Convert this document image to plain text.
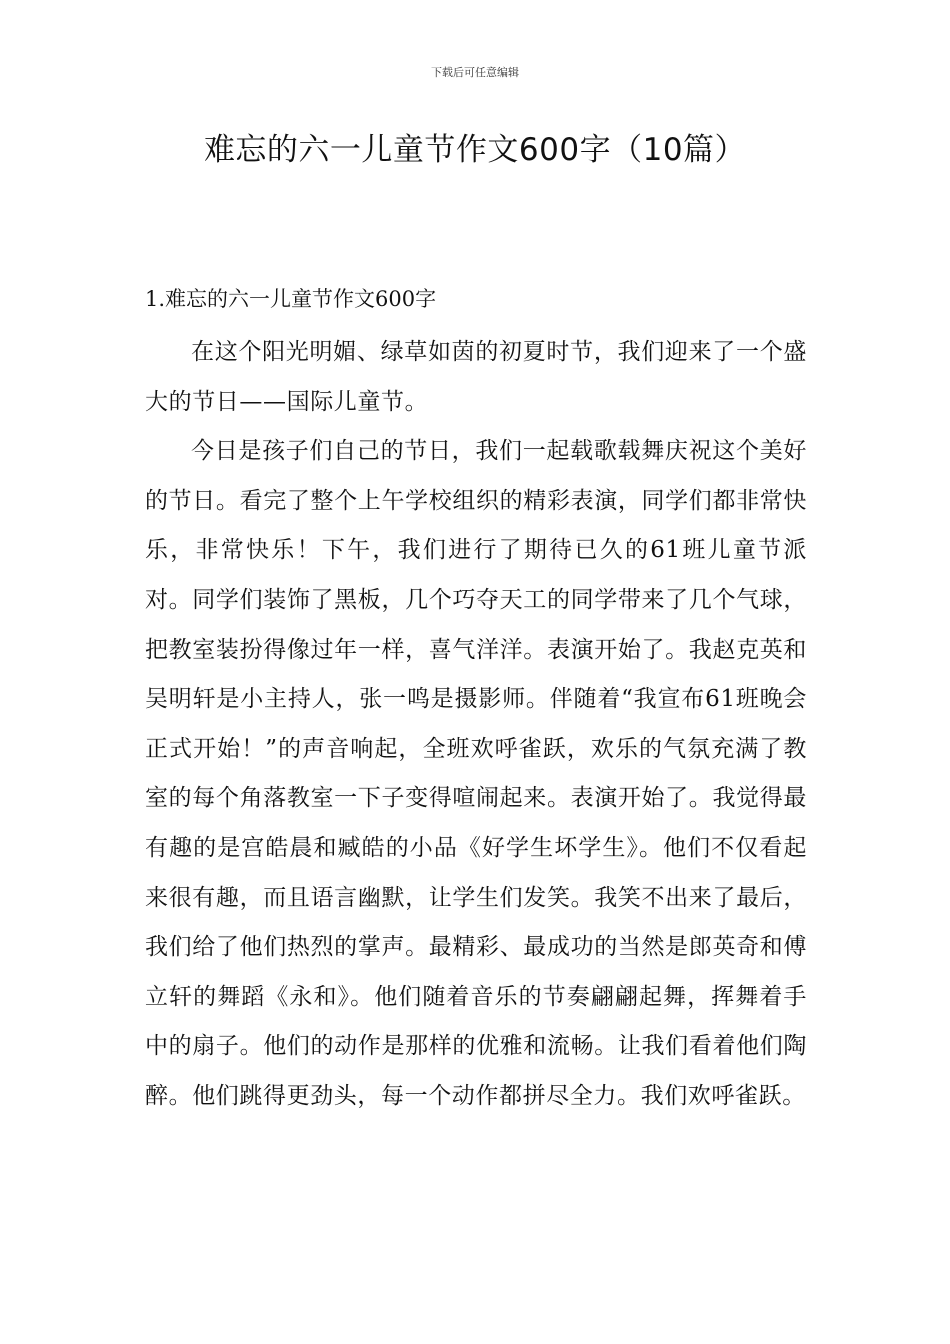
下载后可任意编辑
难忘的六一儿童节作文600字（10篇）
1.难忘的六一儿童节作文600字

在这个阳光明媚、绿草如茵的初夏时节，我们迎来了一个盛大的节日——国际儿童节。

今日是孩子们自己的节日，我们一起载歌载舞庆祝这个美好的节日。看完了整个上午学校组织的精彩表演，同学们都非常快乐，非常快乐！下午，我们进行了期待已久的61班儿童节派对。同学们装饰了黑板，几个巧夺天工的同学带来了几个气球，把教室装扮得像过年一样，喜气洋洋。表演开始了。我赵克英和吴明轩是小主持人，张一鸣是摄影师。伴随着“我宣布61班晚会正式开始！”的声音响起，全班欢呼雀跃，欢乐的气氛充满了教室的每个角落教室一下子变得喧闹起来。表演开始了。我觉得最有趣的是宫皓晨和臧皓的小品《好学生坏学生》。他们不仅看起来很有趣，而且语言幽默，让学生们发笑。我笑不出来了最后，我们给了他们热烈的掌声。最精彩、最成功的当然是郎英奇和傅立轩的舞蹈《永和》。他们随着音乐的节奏翩翩起舞，挥舞着手中的扇子。他们的动作是那样的优雅和流畅。让我们看着他们陶醉。他们跳得更劲头，每一个动作都拼尽全力。我们欢呼雀跃。
